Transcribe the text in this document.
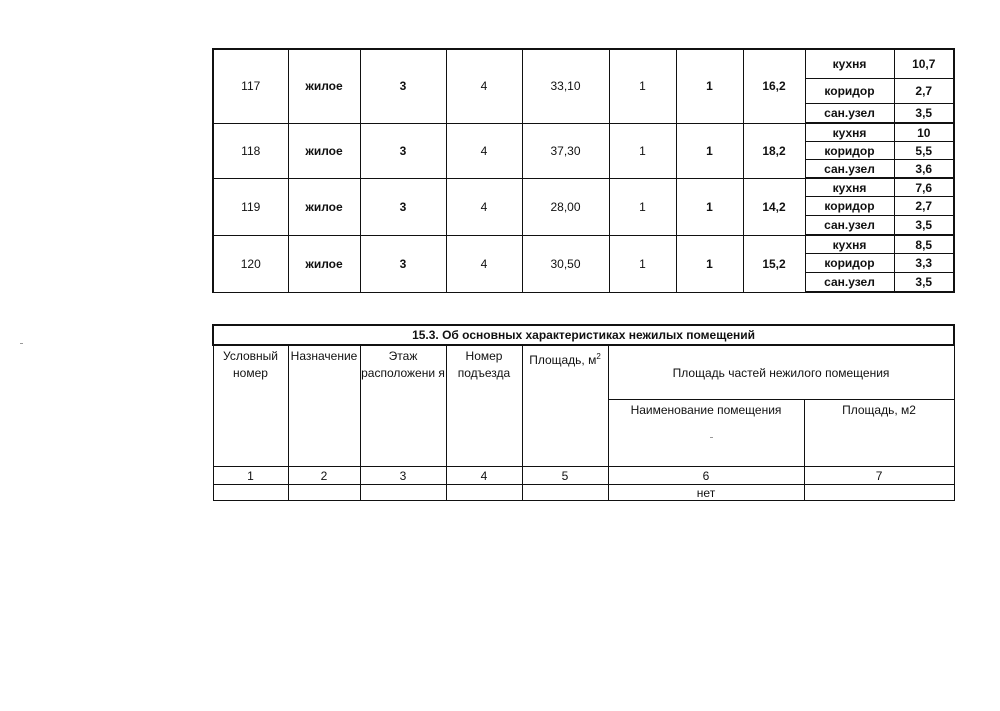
117	жилое	3	4	33,10	1	1	16,2	кухня	10,7
								коридор	2,7
								сан.узел	3,5
118	жилое	3	4	37,30	1	1	18,2	кухня	10
								коридор	5,5
								сан.узел	3,6
119	жилое	3	4	28,00	1	1	14,2	кухня	7,6
								коридор	2,7
								сан.узел	3,5
120	жилое	3	4	30,50	1	1	15,2	кухня	8,5
								коридор	3,3
								сан.узел	3,5
15.3. Об основных характеристиках нежилых помещений						
Условный номер	Назначение	Этаж расположени я	Номер подъезда	Площадь, $м^2$	Площадь частей нежилого помещения	
					Наименование помещения	Площадь, м2
1	2	3	4	5	6	7
					нет	
